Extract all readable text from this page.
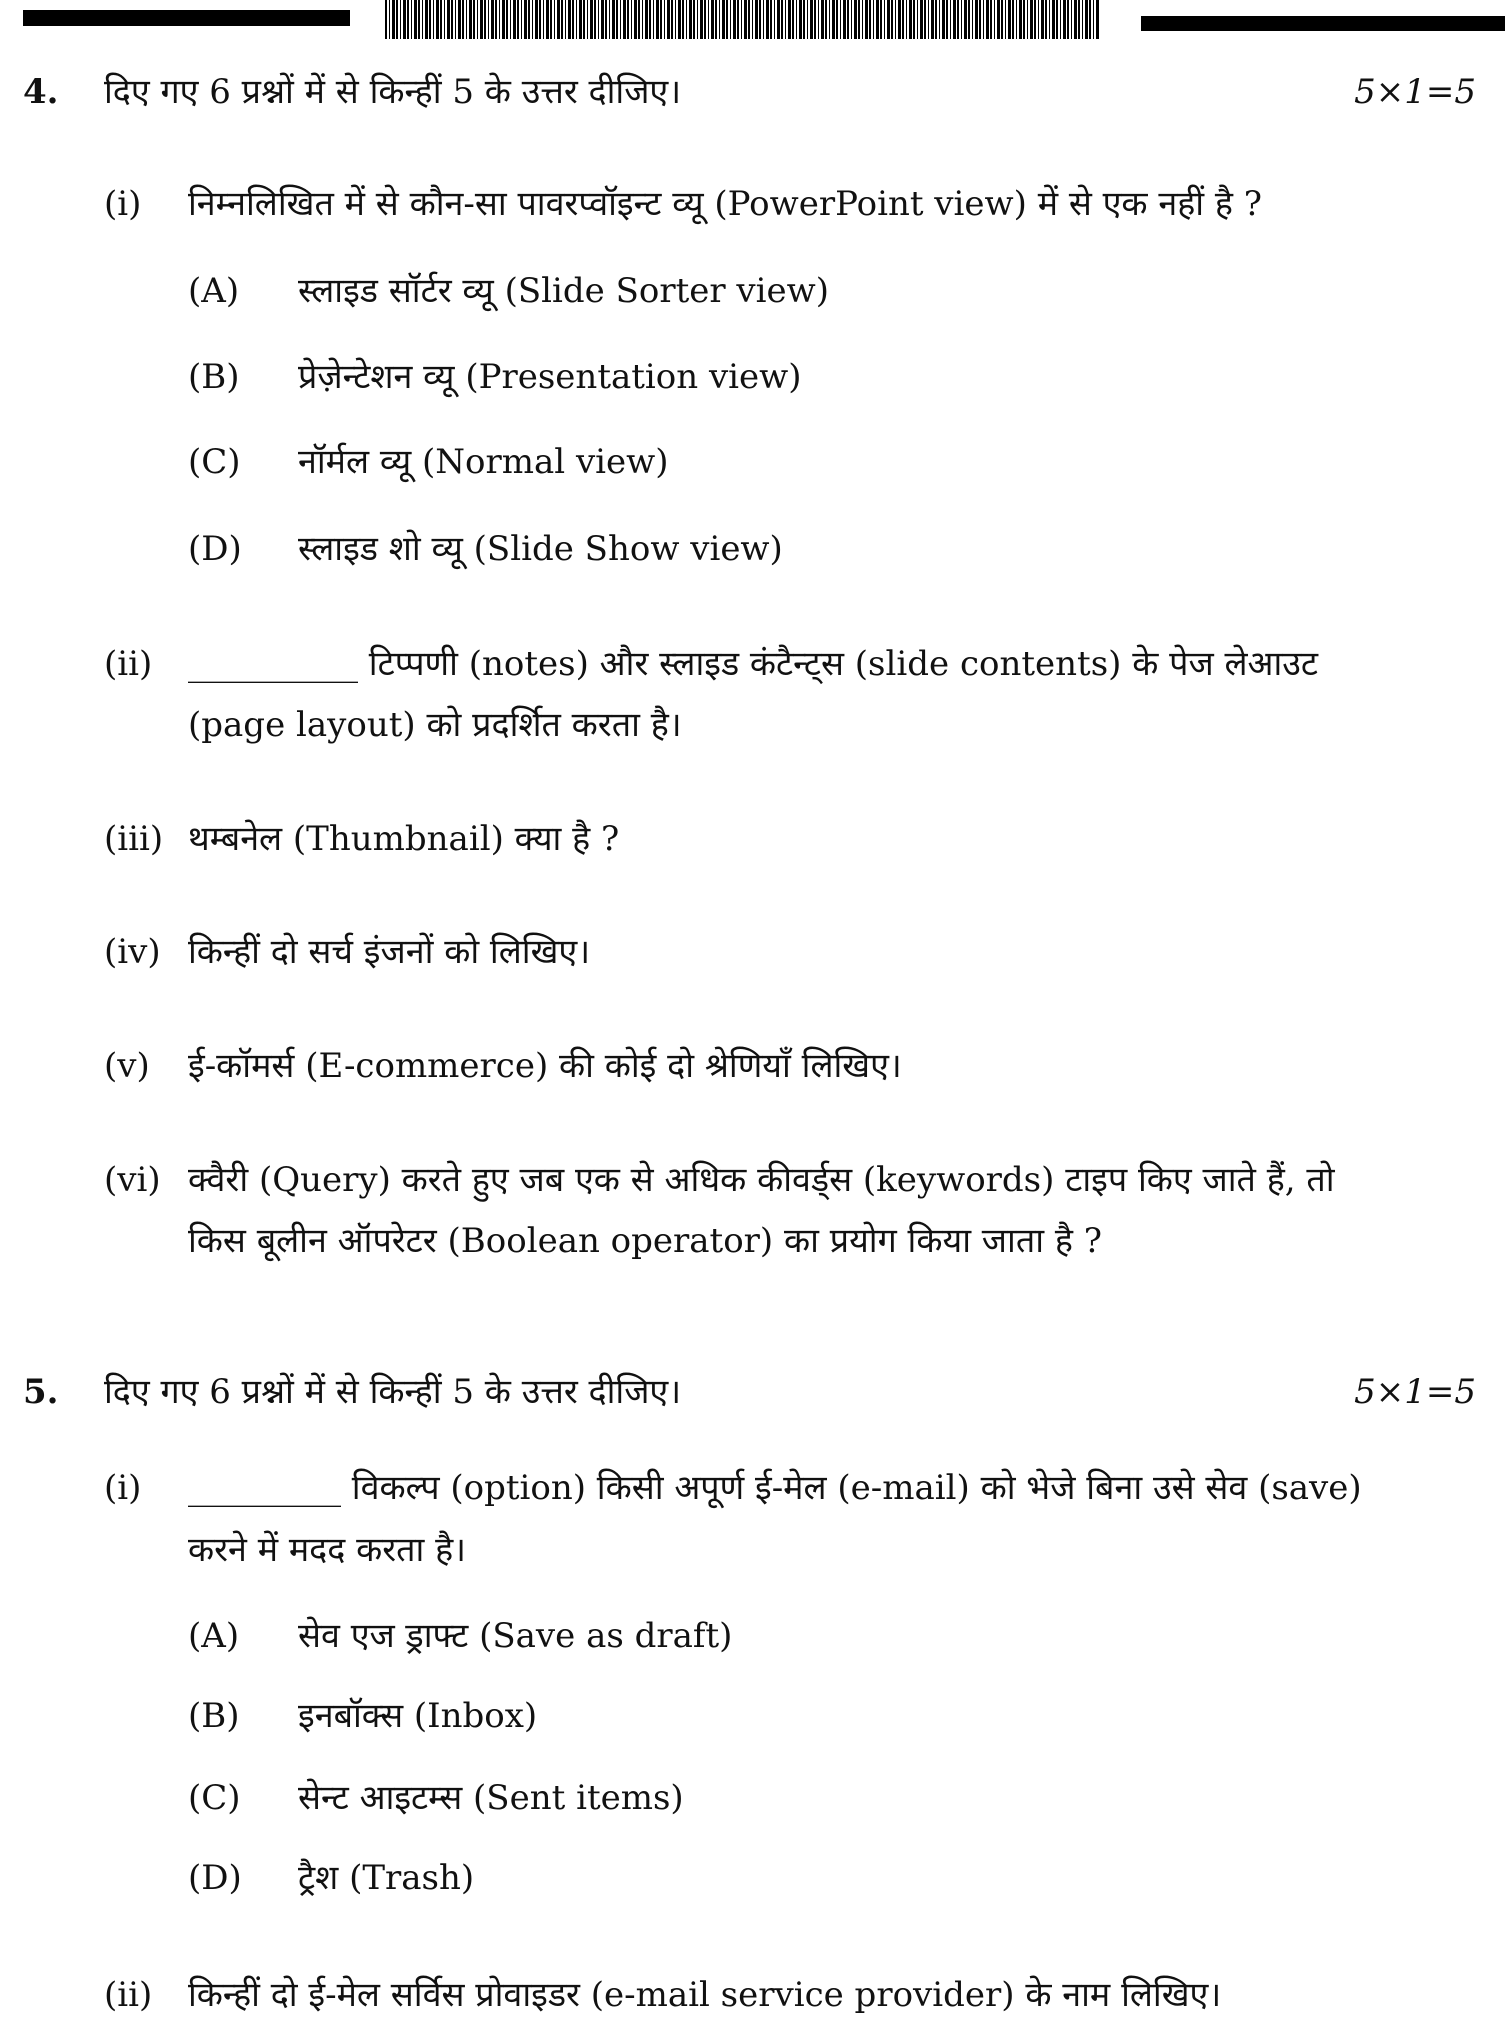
4. दिए गए 6 प्रश्नों में से किन्हीं 5 के उत्तर दीजिए।	5×1=5
(i) निम्नलिखित में से कौन-सा पावरप्वॉइन्ट व्यू (PowerPoint view) में से एक नहीं है ?
(A) स्लाइड सॉर्टर व्यू (Slide Sorter view)
(B) प्रेज़ेन्टेशन व्यू (Presentation view)
(C) नॉर्मल व्यू (Normal view)
(D) स्लाइड शो व्यू (Slide Show view)
(ii) __________ टिप्पणी (notes) और स्लाइड कंटैन्ट्स (slide contents) के पेज लेआउट
(page layout) को प्रदर्शित करता है।
(iii) थम्बनेल (Thumbnail) क्या है ?
(iv) किन्हीं दो सर्च इंजनों को लिखिए।
(v) ई-कॉमर्स (E-commerce) की कोई दो श्रेणियाँ लिखिए।
(vi) क्वैरी (Query) करते हुए जब एक से अधिक कीवर्ड्स (keywords) टाइप किए जाते हैं, तो
किस बूलीन ऑपरेटर (Boolean operator) का प्रयोग किया जाता है ?
5. दिए गए 6 प्रश्नों में से किन्हीं 5 के उत्तर दीजिए।	5×1=5
(i) _________ विकल्प (option) किसी अपूर्ण ई-मेल (e-mail) को भेजे बिना उसे सेव (save)
करने में मदद करता है।
(A) सेव एज ड्राफ्ट (Save as draft)
(B) इनबॉक्स (Inbox)
(C) सेन्ट आइटम्स (Sent items)
(D) ट्रैश (Trash)
(ii) किन्हीं दो ई-मेल सर्विस प्रोवाइडर (e-mail service provider) के नाम लिखिए।
